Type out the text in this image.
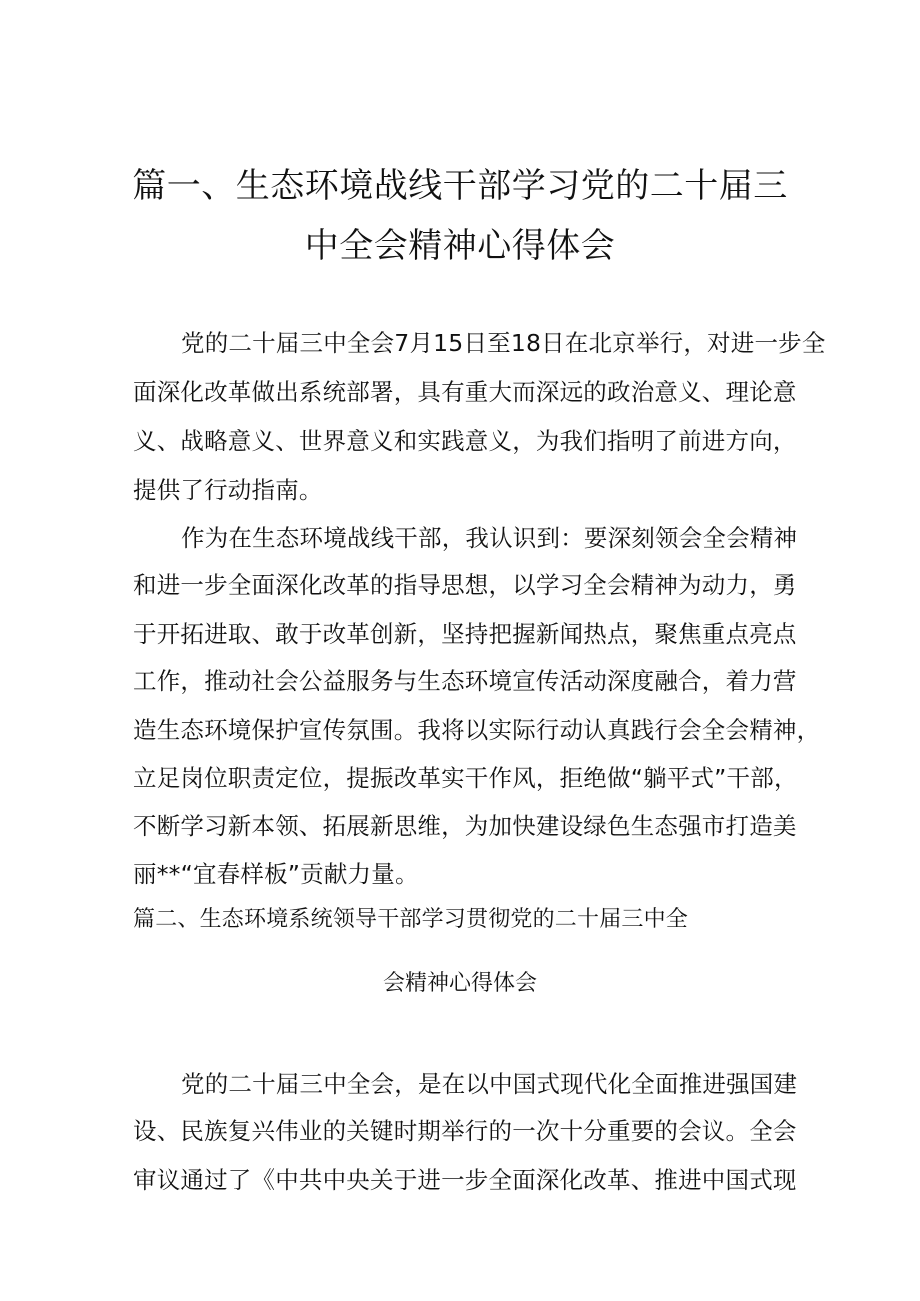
篇一、生态环境战线干部学习党的二十届三
中全会精神心得体会
党的二十届三中全会7月15日至18日在北京举行，对进一步全
面深化改革做出系统部署，具有重大而深远的政治意义、理论意
义、战略意义、世界意义和实践意义，为我们指明了前进方向，
提供了行动指南。
作为在生态环境战线干部，我认识到：要深刻领会全会精神
和进一步全面深化改革的指导思想，以学习全会精神为动力，勇
于开拓进取、敢于改革创新，坚持把握新闻热点，聚焦重点亮点
工作，推动社会公益服务与生态环境宣传活动深度融合，着力营
造生态环境保护宣传氛围。我将以实际行动认真践行会全会精神，
立足岗位职责定位，提振改革实干作风，拒绝做“躺平式”干部，
不断学习新本领、拓展新思维，为加快建设绿色生态强市打造美
丽**“宜春样板”贡献力量。
篇二、生态环境系统领导干部学习贯彻党的二十届三中全
会精神心得体会
党的二十届三中全会，是在以中国式现代化全面推进强国建
设、民族复兴伟业的关键时期举行的一次十分重要的会议。全会
审议通过了《中共中央关于进一步全面深化改革、推进中国式现
